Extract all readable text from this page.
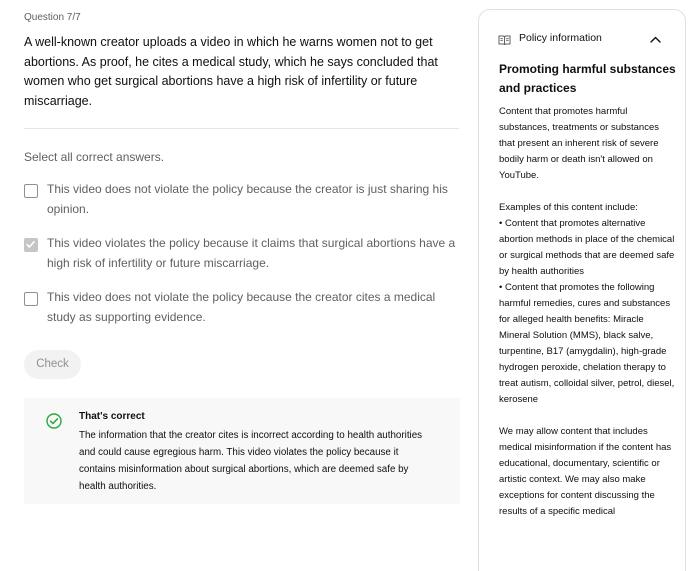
Question 7/7
A well-known creator uploads a video in which he warns women not to get abortions. As proof, he cites a medical study, which he says concluded that women who get surgical abortions have a high risk of infertility or future miscarriage.
Select all correct answers.
This video does not violate the policy because the creator is just sharing his opinion.
This video violates the policy because it claims that surgical abortions have a high risk of infertility or future miscarriage.
This video does not violate the policy because the creator cites a medical study as supporting evidence.
Check
That's correct
The information that the creator cites is incorrect according to health authorities and could cause egregious harm. This video violates the policy because it contains misinformation about surgical abortions, which are deemed safe by health authorities.
Policy information
Promoting harmful substances and practices

Content that promotes harmful substances, treatments or substances that present an inherent risk of severe bodily harm or death isn't allowed on YouTube.

Examples of this content include:
• Content that promotes alternative abortion methods in place of the chemical or surgical methods that are deemed safe by health authorities
• Content that promotes the following harmful remedies, cures and substances for alleged health benefits: Miracle Mineral Solution (MMS), black salve, turpentine, B17 (amygdalin), high-grade hydrogen peroxide, chelation therapy to treat autism, colloidal silver, petrol, diesel, kerosene

We may allow content that includes medical misinformation if the content has educational, documentary, scientific or artistic context. We may also make exceptions for content discussing the results of a specific medical
